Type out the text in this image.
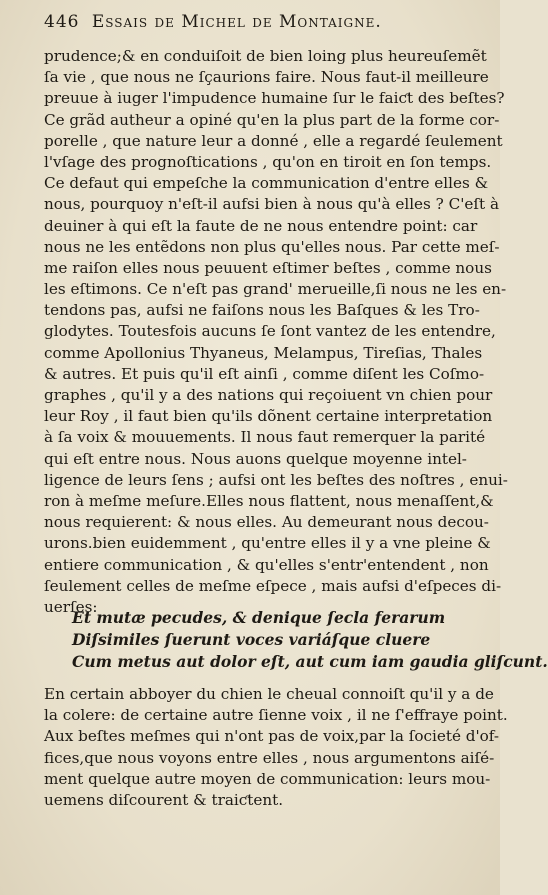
446 Essais de Michel de Montaigne.
prudence;& en conduiſoit de bien loing plus heureuſemẽt
ſa vie , que nous ne ſçaurions faire. Nous faut-il meilleure
preuue à iuger l'impudence humaine ſur le faiƈt des beſtes?
Ce grãd autheur a opiné qu'en la plus part de la forme cor-
porelle , que nature leur a donné , elle a regardé ſeulement
l'vſage des prognoſtications , qu'on en tiroit en ſon temps.
Ce defaut qui empeſche la communication d'entre elles &
nous, pourquoy n'eſt-il aufsi bien à nous qu'à elles ? C'eſt à
deuiner à qui eſt la faute de ne nous entendre point: car
nous ne les entẽdons non plus qu'elles nous. Par cette meſ-
me raiſon elles nous peuuent eſtimer beſtes , comme nous
les eſtimons. Ce n'eſt pas grand' merueille,ſi nous ne les en-
tendons pas, aufsi ne faiſons nous les Baſques & les Tro-
glodytes. Toutesfois aucuns ſe ſont vantez de les entendre,
comme Apollonius Thyaneus, Melampus, Tireſias, Thales
& autres. Et puis qu'il eſt ainſi , comme diſent les Coſmo-
graphes , qu'il y a des nations qui reçoiuent vn chien pour
leur Roy , il faut bien qu'ils dõnent certaine interpretation
à ſa voix & mouuements. Il nous faut remerquer la parité
qui eſt entre nous. Nous auons quelque moyenne intel-
ligence de leurs ſens ; aufsi ont les beſtes des noſtres , enui-
ron à meſme meſure.Elles nous flattent, nous menaſſent,&
nous requierent: & nous elles. Au demeurant nous decou-
urons.bien euidemment , qu'entre elles il y a vne pleine &
entiere communication , & qu'elles s'entr'entendent , non
ſeulement celles de meſme eſpece , mais aufsi d'eſpeces di-
uerſes:
Et mutæ pecudes, & denique ſecla ferarum
Diſsimiles ſuerunt voces variáſque cluere
Cum metus aut dolor eſt, aut cum iam gaudia gliſcunt.
En certain abboyer du chien le cheual connoiſt qu'il y a de
la colere: de certaine autre ſienne voix , il ne ſ'effraye point.
Aux beſtes meſmes qui n'ont pas de voix,par la ſocieté d'of-
fices,que nous voyons entre elles , nous argumentons aiſé-
ment quelque autre moyen de communication: leurs mou-
uemens diſcourent & traiƈtent.
